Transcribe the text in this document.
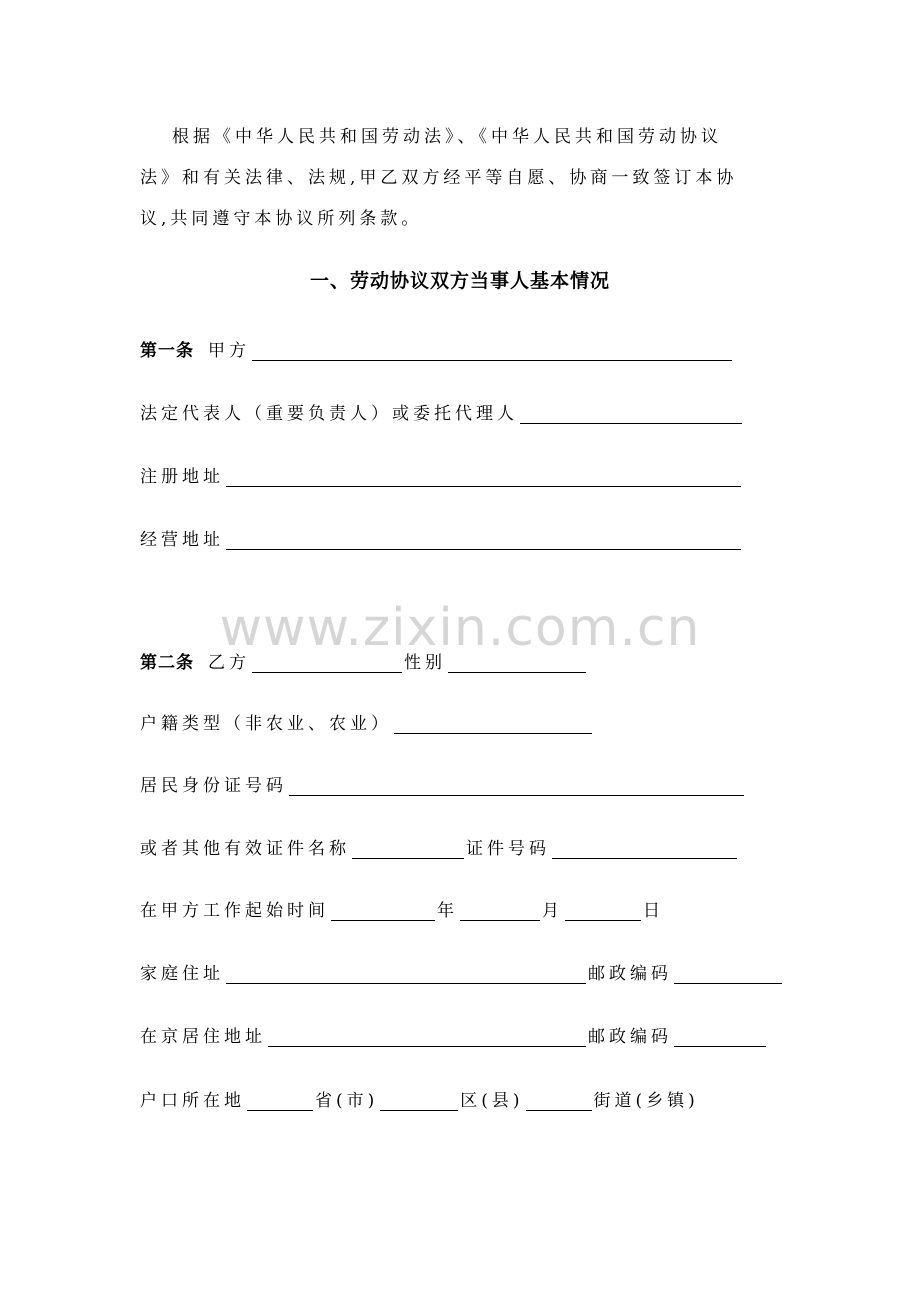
根据《中华人民共和国劳动法》、《中华人民共和国劳动协议法》和有关法律、法规,甲乙双方经平等自愿、协商一致签订本协议,共同遵守本协议所列条款。

一、劳动协议双方当事人基本情况
第一条 甲方
法定代表人（重要负责人）或委托代理人
注册地址
经营地址
www.zixin.com.cn
第二条 乙方	性别
户籍类型（非农业、农业）
居民身份证号码
或者其他有效证件名称	证件号码
在甲方工作起始时间	年	月	日
家庭住址	邮政编码
在京居住地址	邮政编码
户口所在地	省(市)	区(县)	街道(乡镇)
